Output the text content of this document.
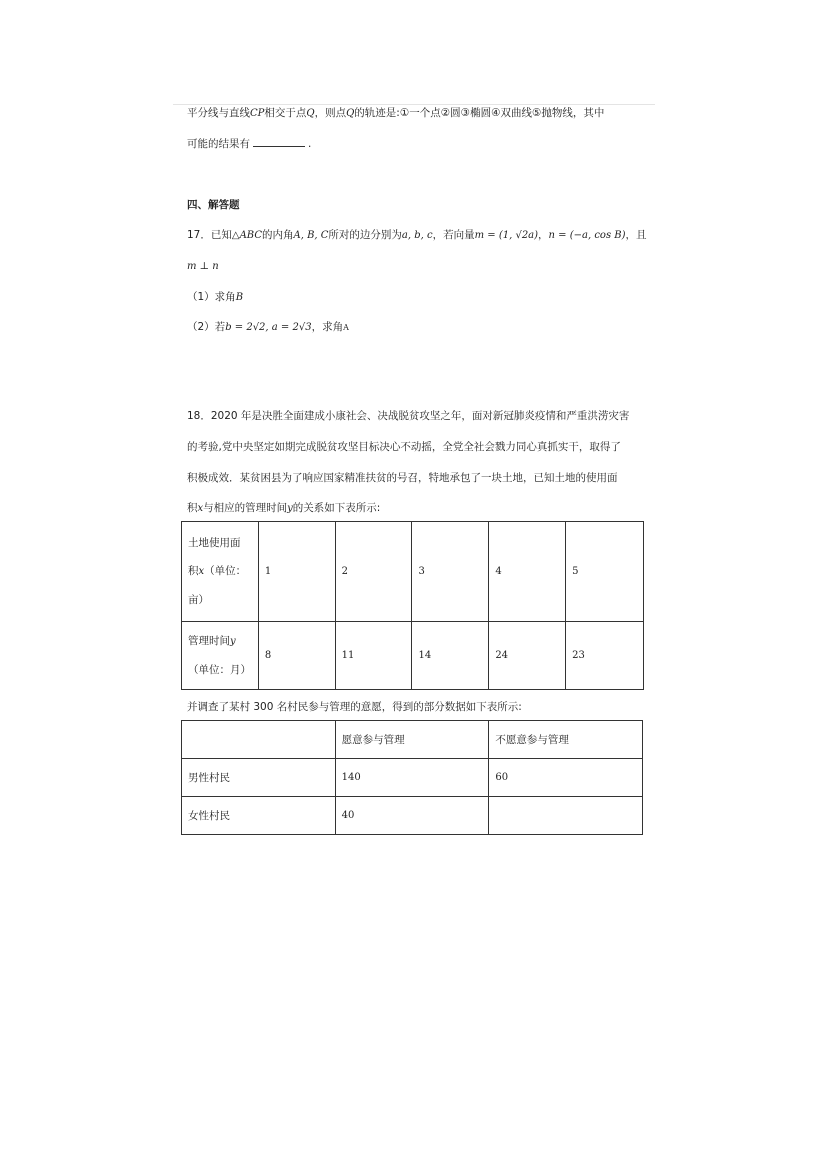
平分线与直线CP相交于点Q，则点Q的轨迹是:①一个点②圆③椭圆④双曲线⑤抛物线，其中
可能的结果有	.
四、解答题
17．已知△ABC的内角A, B, C所对的边分别为a, b, c，若向量m = (1, √2a)，n = (−a, cos B)，且
m ⊥ n
（1）求角B
（2）若b = 2√2, a = 2√3，求角A
18．2020 年是决胜全面建成小康社会、决战脱贫攻坚之年，面对新冠肺炎疫情和严重洪涝灾害
的考验,党中央坚定如期完成脱贫攻坚目标决心不动摇，全党全社会戮力同心真抓实干，取得了
积极成效．某贫困县为了响应国家精准扶贫的号召，特地承包了一块土地，已知土地的使用面
积x与相应的管理时间y的关系如下表所示:
土地使用面
积x（单位：
亩）	1	2	3	4	5

管理时间y
（单位：月）	8	11	14	24	23
并调查了某村 300 名村民参与管理的意愿，得到的部分数据如下表所示:
	愿意参与管理	不愿意参与管理
男性村民	140	60
女性村民	40	
